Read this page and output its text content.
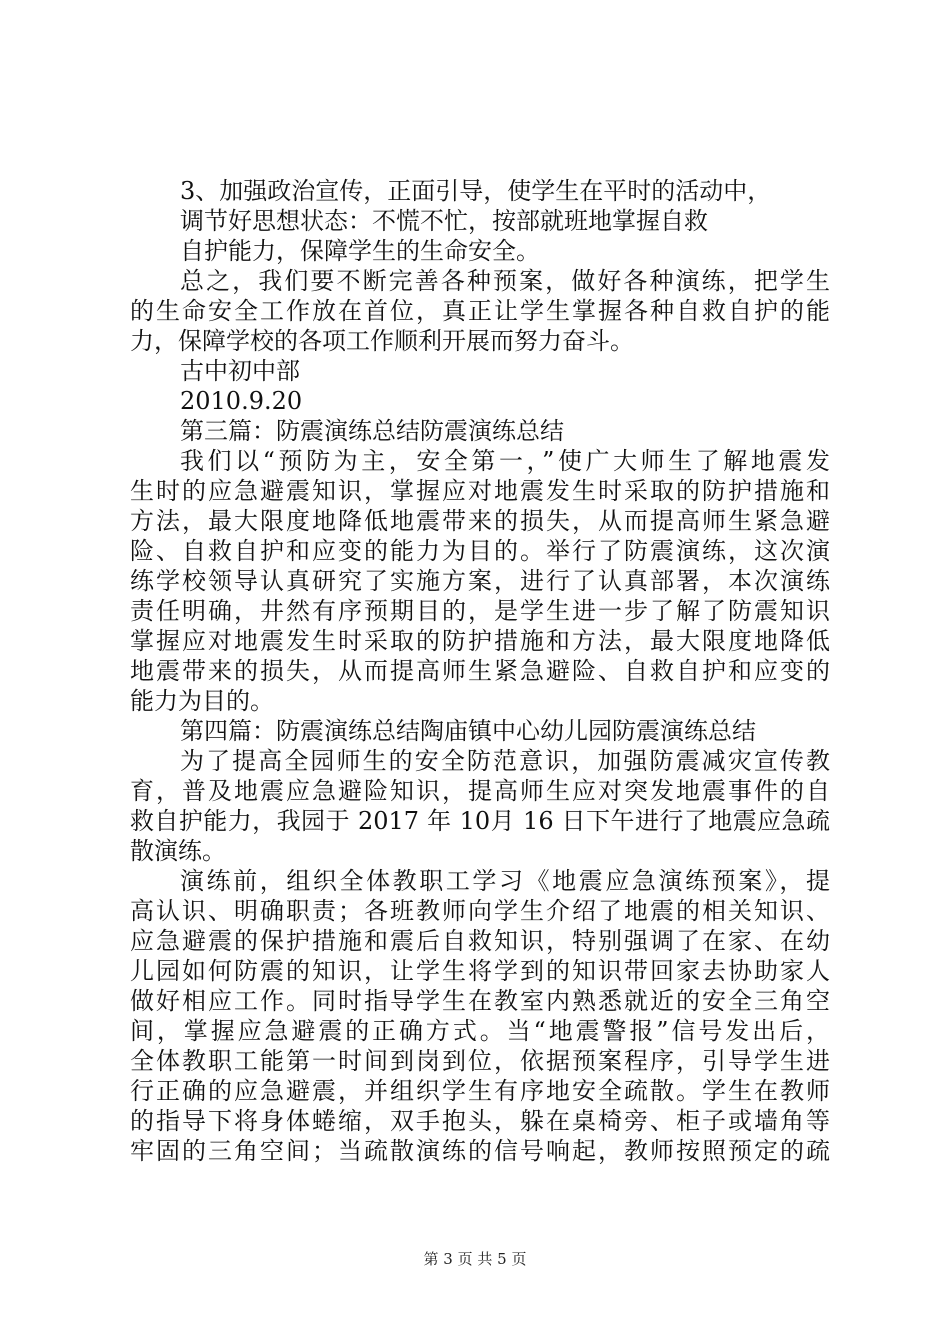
3、加强政治宣传，正面引导，使学生在平时的活动中，
调节好思想状态：不慌不忙，按部就班地掌握自救
自护能力，保障学生的生命安全。
总之，我们要不断完善各种预案，做好各种演练，把学生
的生命安全工作放在首位，真正让学生掌握各种自救自护的能
力，保障学校的各项工作顺利开展而努力奋斗。
古中初中部
2010.9.20
第三篇：防震演练总结防震演练总结
我们以“预防为主，安全第一，”使广大师生了解地震发
生时的应急避震知识，掌握应对地震发生时采取的防护措施和
方法，最大限度地降低地震带来的损失，从而提高师生紧急避
险、自救自护和应变的能力为目的。举行了防震演练，这次演
练学校领导认真研究了实施方案，进行了认真部署，本次演练
责任明确，井然有序预期目的，是学生进一步了解了防震知识
掌握应对地震发生时采取的防护措施和方法，最大限度地降低
地震带来的损失，从而提高师生紧急避险、自救自护和应变的
能力为目的。
第四篇：防震演练总结陶庙镇中心幼儿园防震演练总结
为了提高全园师生的安全防范意识，加强防震减灾宣传教
育，普及地震应急避险知识，提高师生应对突发地震事件的自
救自护能力，我园于 2017 年 10月 16 日下午进行了地震应急疏
散演练。
演练前，组织全体教职工学习《地震应急演练预案》，提
高认识、明确职责；各班教师向学生介绍了地震的相关知识、
应急避震的保护措施和震后自救知识，特别强调了在家、在幼
儿园如何防震的知识，让学生将学到的知识带回家去协助家人
做好相应工作。同时指导学生在教室内熟悉就近的安全三角空
间，掌握应急避震的正确方式。当“地震警报”信号发出后，
全体教职工能第一时间到岗到位，依据预案程序，引导学生进
行正确的应急避震，并组织学生有序地安全疏散。学生在教师
的指导下将身体蜷缩，双手抱头，躲在桌椅旁、柜子或墙角等
牢固的三角空间；当疏散演练的信号响起，教师按照预定的疏
第 3 页 共 5 页
